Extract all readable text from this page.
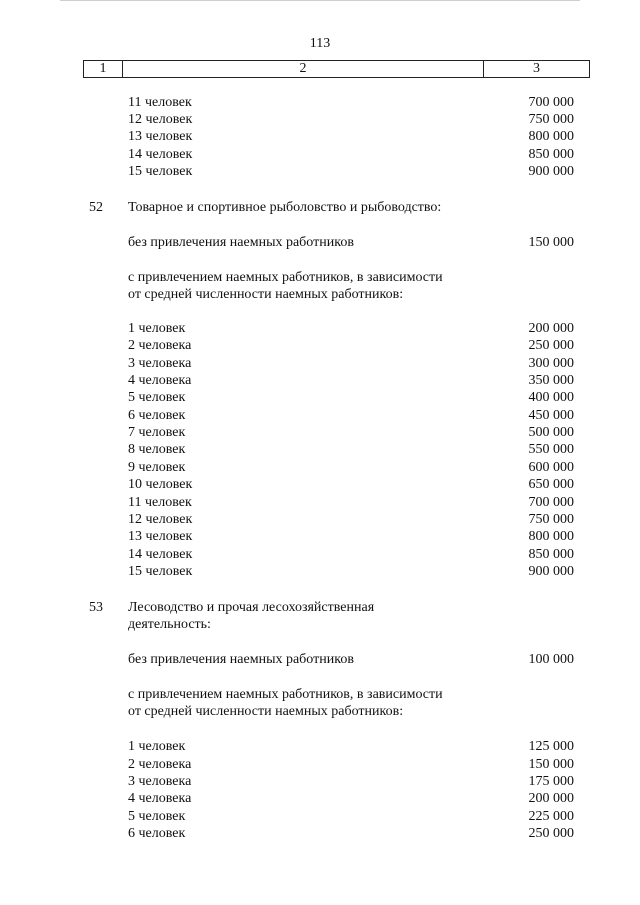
113
1	2	3
11 человек	700 000
12 человек	750 000
13 человек	800 000
14 человек	850 000
15 человек	900 000
52 Товарное и спортивное рыболовство и рыбоводство:
без привлечения наемных работников	150 000
с привлечением наемных работников, в зависимости
от средней численности наемных работников:
1 человек	200 000
2 человека	250 000
3 человека	300 000
4 человека	350 000
5 человек	400 000
6 человек	450 000
7 человек	500 000
8 человек	550 000
9 человек	600 000
10 человек	650 000
11 человек	700 000
12 человек	750 000
13 человек	800 000
14 человек	850 000
15 человек	900 000
53 Лесоводство и прочая лесохозяйственная
деятельность:
без привлечения наемных работников	100 000
с привлечением наемных работников, в зависимости
от средней численности наемных работников:
1 человек	125 000
2 человека	150 000
3 человека	175 000
4 человека	200 000
5 человек	225 000
6 человек	250 000
